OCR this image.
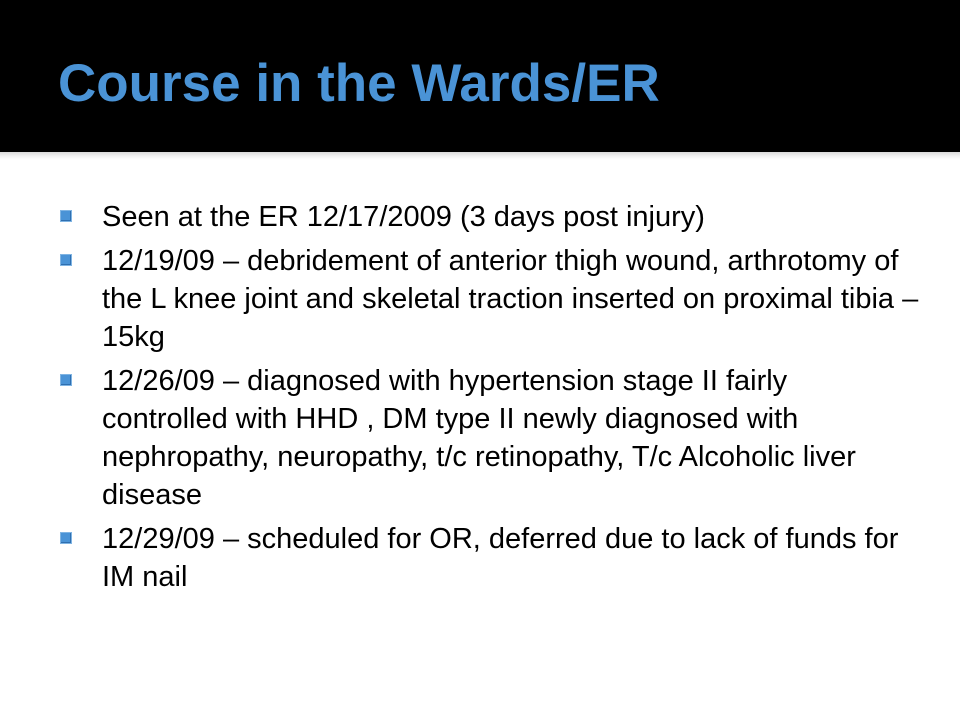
Course in the Wards/ER
Seen at the ER 12/17/2009 (3 days post injury)
12/19/09 – debridement of anterior thigh wound, arthrotomy of the L knee joint and skeletal traction inserted on proximal tibia – 15kg
12/26/09 – diagnosed with hypertension stage II fairly controlled with HHD , DM type II newly diagnosed with nephropathy, neuropathy, t/c retinopathy, T/c Alcoholic liver disease
12/29/09 – scheduled for OR, deferred due to lack of funds for IM nail
